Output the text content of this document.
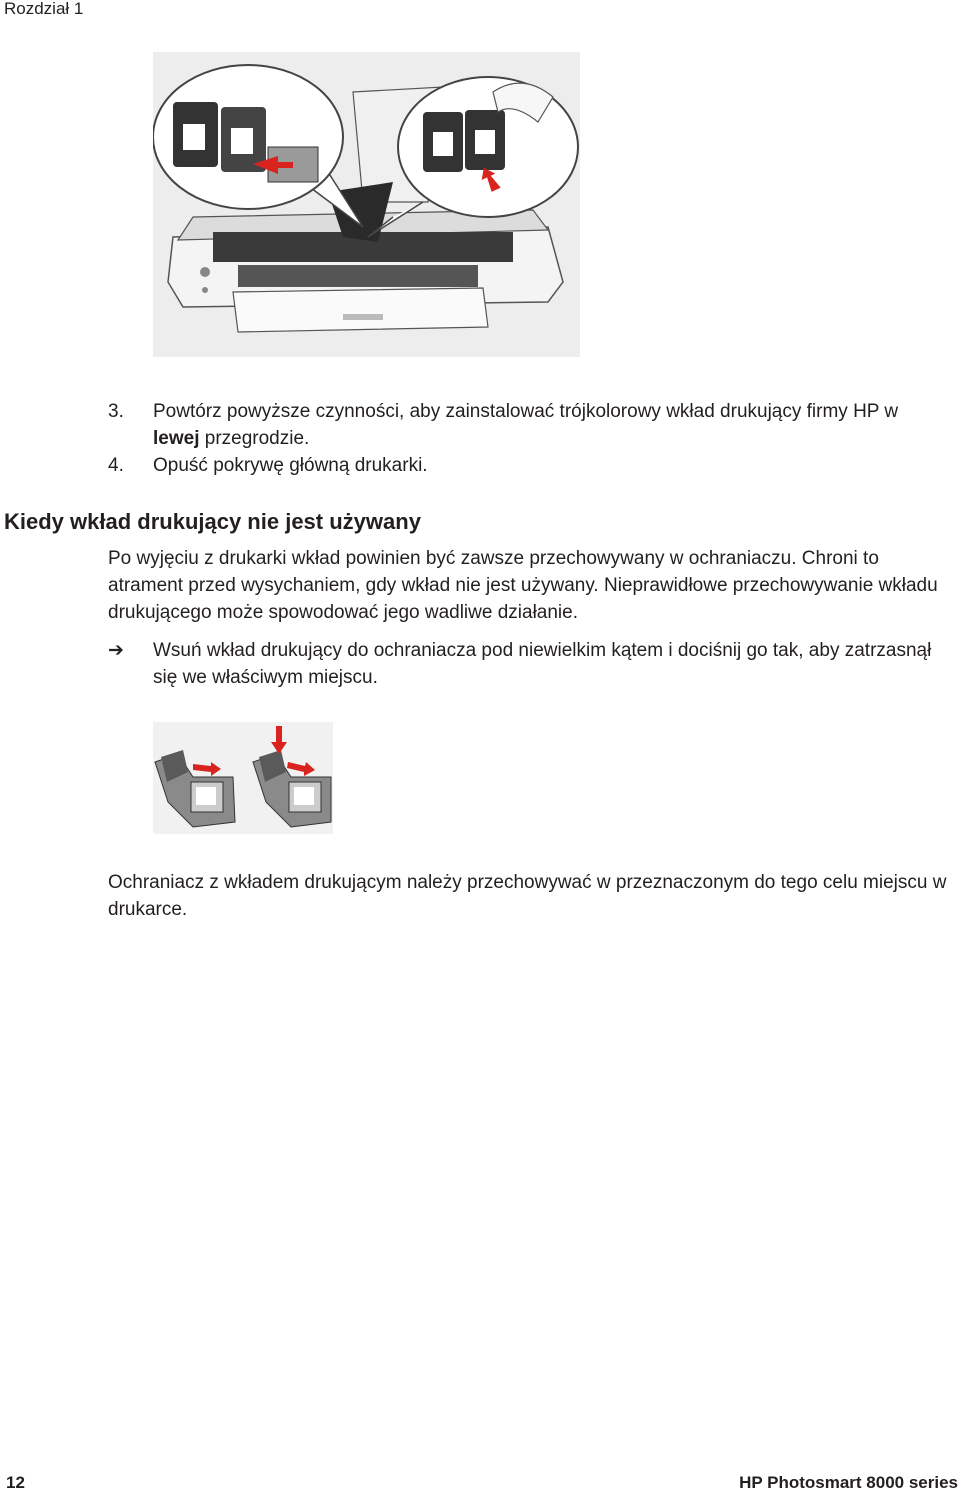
Rozdział 1
3.	Powtórz powyższe czynności, aby zainstalować trójkolorowy wkład drukujący firmy HP w lewej przegrodzie.
4.	Opuść pokrywę główną drukarki.
Kiedy wkład drukujący nie jest używany
Po wyjęciu z drukarki wkład powinien być zawsze przechowywany w ochraniaczu. Chroni to atrament przed wysychaniem, gdy wkład nie jest używany. Nieprawidłowe przechowywanie wkładu drukującego może spowodować jego wadliwe działanie.
➔	Wsuń wkład drukujący do ochraniacza pod niewielkim kątem i dociśnij go tak, aby zatrzasnął się we właściwym miejscu.
Ochraniacz z wkładem drukującym należy przechowywać w przeznaczonym do tego celu miejscu w drukarce.
12	HP Photosmart 8000 series
